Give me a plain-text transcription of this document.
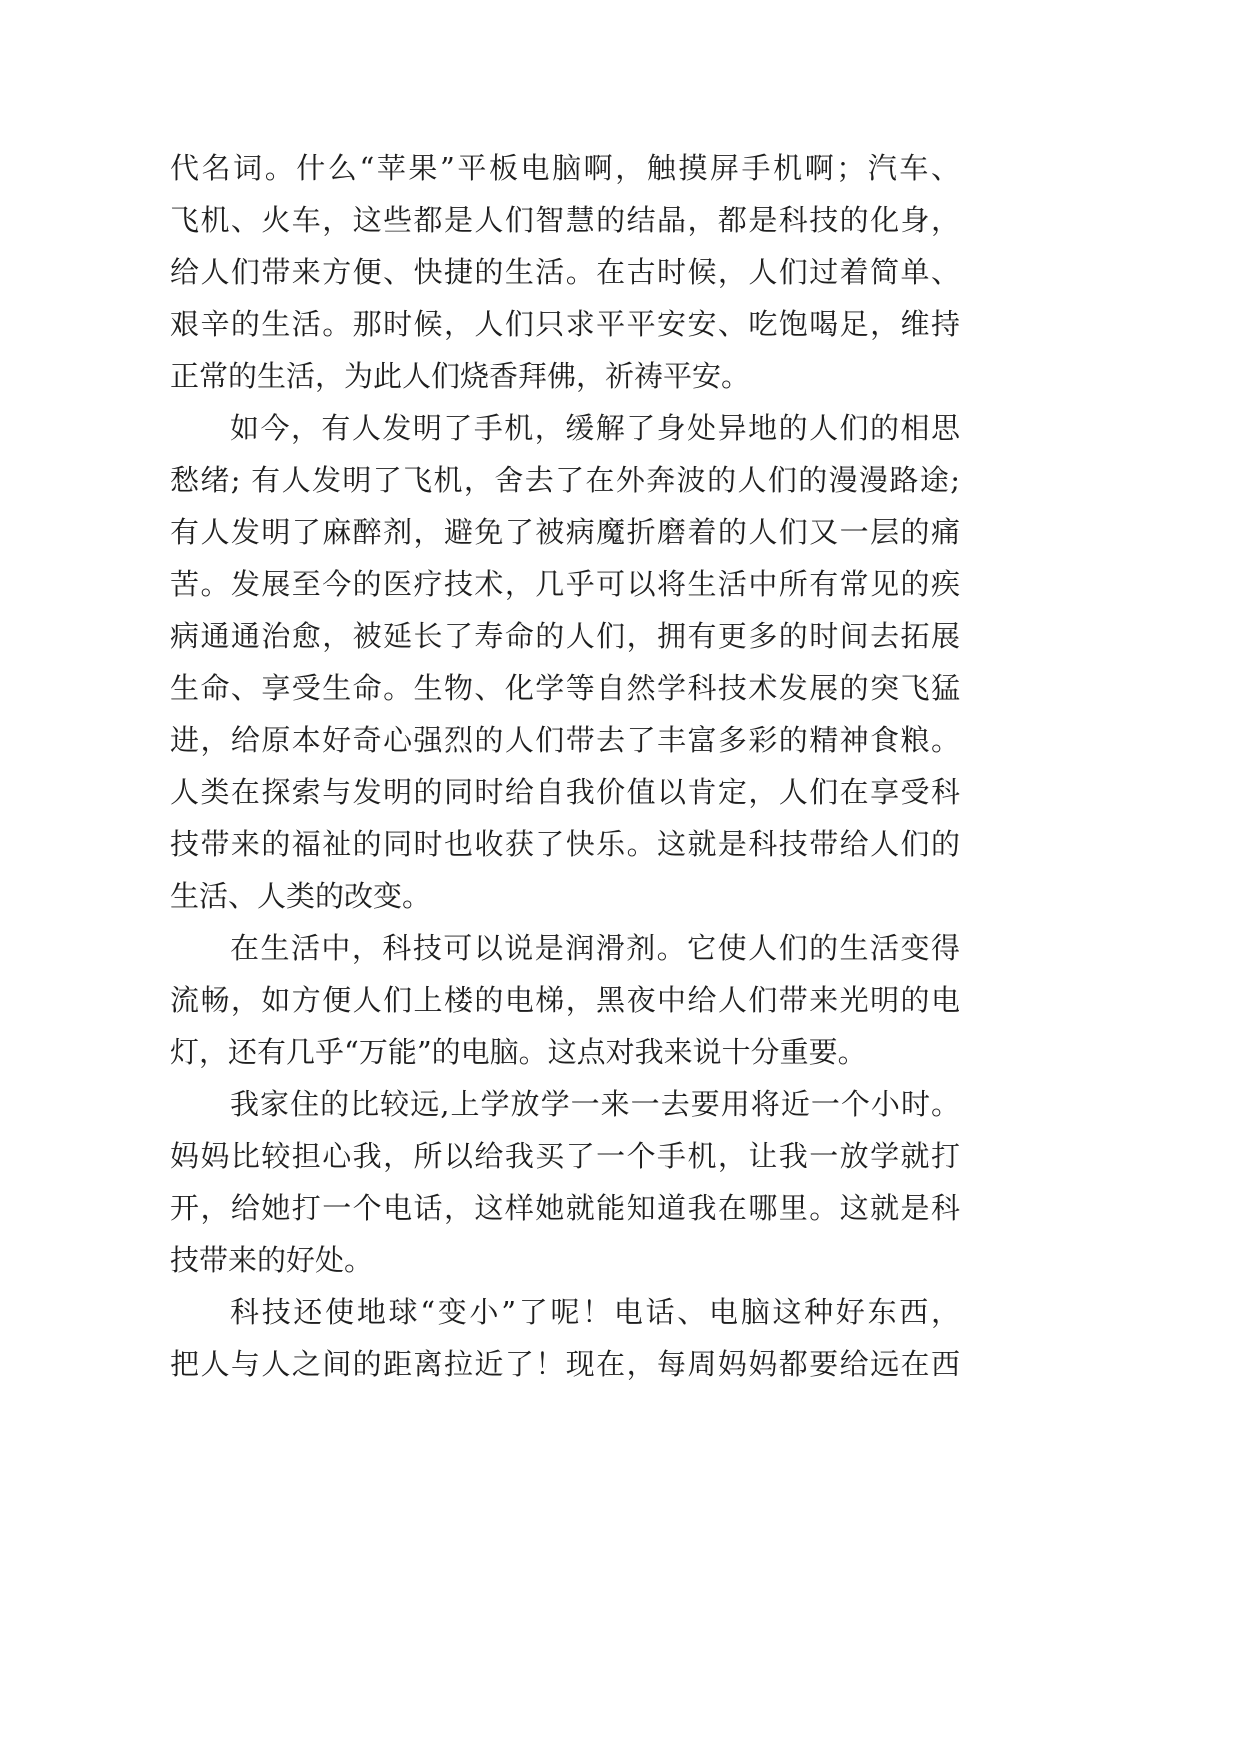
代名词。什么“苹果”平板电脑啊，触摸屏手机啊；汽车、
飞机、火车，这些都是人们智慧的结晶，都是科技的化身，
给人们带来方便、快捷的生活。在古时候，人们过着简单、
艰辛的生活。那时候，人们只求平平安安、吃饱喝足，维持
正常的生活，为此人们烧香拜佛，祈祷平安。
如今，有人发明了手机，缓解了身处异地的人们的相思
愁绪; 有人发明了飞机，舍去了在外奔波的人们的漫漫路途;
有人发明了麻醉剂，避免了被病魔折磨着的人们又一层的痛
苦。发展至今的医疗技术，几乎可以将生活中所有常见的疾
病通通治愈，被延长了寿命的人们，拥有更多的时间去拓展
生命、享受生命。生物、化学等自然学科技术发展的突飞猛
进，给原本好奇心强烈的人们带去了丰富多彩的精神食粮。
人类在探索与发明的同时给自我价值以肯定，人们在享受科
技带来的福祉的同时也收获了快乐。这就是科技带给人们的
生活、人类的改变。
在生活中，科技可以说是润滑剂。它使人们的生活变得
流畅，如方便人们上楼的电梯，黑夜中给人们带来光明的电
灯，还有几乎“万能”的电脑。这点对我来说十分重要。
我家住的比较远,上学放学一来一去要用将近一个小时。
妈妈比较担心我，所以给我买了一个手机，让我一放学就打
开，给她打一个电话，这样她就能知道我在哪里。这就是科
技带来的好处。
科技还使地球“变小”了呢！电话、电脑这种好东西，
把人与人之间的距离拉近了！现在，每周妈妈都要给远在西
